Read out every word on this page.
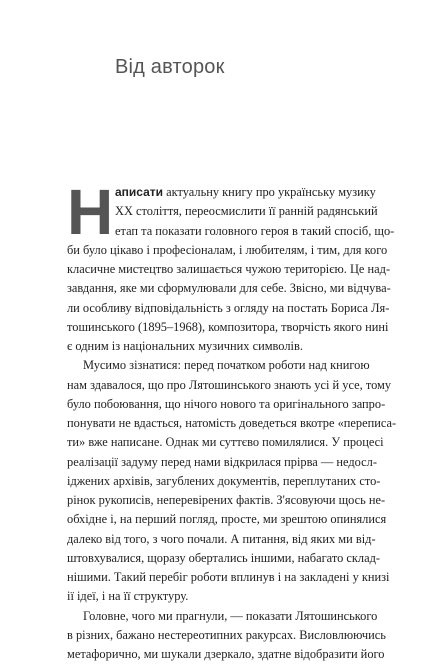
Від авторок
Н аписати актуальну книгу про українську музику
ХХ століття, переосмислити її ранній радянський
етап та показати головного героя в такий спосіб, що-
би було цікаво і професіоналам, і любителям, і тим, для кого
класичне мистецтво залишається чужою територією. Це над-
завдання, яке ми сформулювали для себе. Звісно, ми відчува-
ли особливу відповідальність з огляду на постать Бориса Ля-
тошинського (1895–1968), композитора, творчість якого нині
є одним із національних музичних символів.
Мусимо зізнатися: перед початком роботи над книгою
нам здавалося, що про Лятошинського знають усі й усе, тому
було побоювання, що нічого нового та оригінального запро-
понувати не вдасться, натомість доведеться вкотре «переписа-
ти» вже написане. Однак ми суттєво помилялися. У процесі
реалізації задуму перед нами відкрилася прірва — недосл-
іджених архівів, загублених документів, переплутаних сто-
рінок рукописів, неперевірених фактів. З'ясовуючи щось не-
обхідне і, на перший погляд, просте, ми зрештою опинялися
далеко від того, з чого почали. А питання, від яких ми від-
штовхувалися, щоразу обертались іншими, набагато склад-
нішими. Такий перебіг роботи вплинув і на закладені у книзі
ії ідеї, і на її структуру.
Головне, чого ми прагнули, — показати Лятошинського
в різних, бажано нестереотипних ракурсах. Висловлюючись
метафорично, ми шукали дзеркало, здатне відобразити його
